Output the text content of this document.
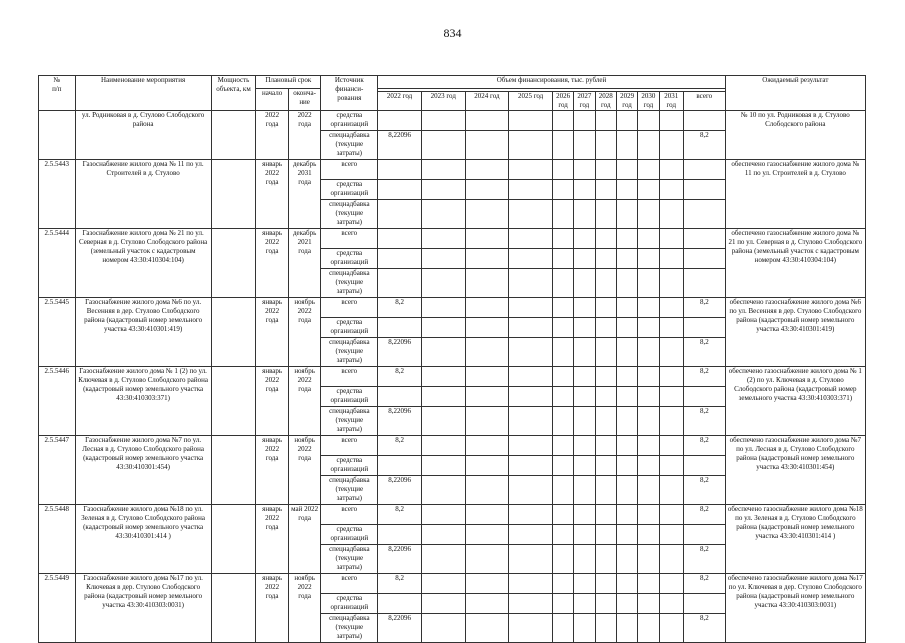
834
№
п/п	Наименование мероприятия	Мощность объекта, км	Плановый срок		Источник финанси-рования	Объем финансирования, тыс. рублей											Ожидаемый результат
			начало	оконча-ние													
						2022 год	2023 год	2024 год	2025 год	2026 год	2027 год	2028 год	2029 год	2030 год	2031 год	всего	
	ул. Родниковая в д. Стулово Слободского района		2022 года	2022 года	средства организаций												№ 10 по ул. Родниковая в д. Стулово Слободского района
					спецнадбавка (текущие затраты)	8,22096										8,2	
2.5.5443	Газоснабжение жилого дома № 11 по ул. Строителей в д. Стулово		январь 2022 года	декабрь 2031 года	всего												обеспечено газоснабжение жилого дома № 11 по ул. Строителей в д. Стулово
					средства организаций												
					спецнадбавка (текущие затраты)												
2.5.5444	Газоснабжение жилого дома № 21 по ул. Северная в д. Стулово Слободского района (земельный участок с кадастровым номером 43:30:410304:104)		январь 2022 года	декабрь 2021 года	всего												обеспечено газоснабжение жилого дома № 21 по ул. Северная в д. Стулово Слободского района (земельный участок с кадастровым номером 43:30:410304:104)
					средства организаций												
					спецнадбавка (текущие затраты)												
2.5.5445	Газоснабжение жилого дома №6 по ул. Весенняя в дер. Стулово Слободского района (кадастровый номер земельного участка 43:30:410301:419)		январь 2022 года	ноябрь 2022 года	всего	8,2										8,2	обеспечено газоснабжение жилого дома №6 по ул. Весенняя в дер. Стулово Слободского района (кадастровый номер земельного участка 43:30:410301:419)
					средства организаций												
					спецнадбавка (текущие затраты)	8,22096										8,2	
2.5.5446	Газоснабжение жилого дома № 1 (2) по ул. Ключевая в д. Стулово Слободского района (кадастровый номер земельного участка 43:30:410303:371)		январь 2022 года	ноябрь 2022 года	всего	8,2										8,2	обеспечено газоснабжение жилого дома № 1 (2) по ул. Ключевая в д. Стулово Слободского района (кадастровый номер земельного участка 43:30:410303:371)
					средства организаций												
					спецнадбавка (текущие затраты)	8,22096										8,2	
2.5.5447	Газоснабжение жилого дома №7 по ул. Лесная в д. Стулово Слободского района (кадастровый номер земельного участка 43:30:410301:454)		январь 2022 года	ноябрь 2022 года	всего	8,2										8,2	обеспечено газоснабжение жилого дома №7 по ул. Лесная в д. Стулово Слободского района (кадастровый номер земельного участка 43:30:410301:454)
					средства организаций												
					спецнадбавка (текущие затраты)	8,22096										8,2	
2.5.5448	Газоснабжение жилого дома №18 по ул. Зеленая в д. Стулово Слободского района (кадастровый номер земельного участка 43:30:410301:414 )		январь 2022 года	май 2022 года	всего	8,2										8,2	обеспечено газоснабжение жилого дома №18 по ул. Зеленая в д. Стулово Слободского района (кадастровый номер земельного участка 43:30:410301:414 )
					средства организаций												
					спецнадбавка (текущие затраты)	8,22096										8,2	
2.5.5449	Газоснабжение жилого дома №17 по ул. Ключевая в дер. Стулово Слободского района (кадастровый номер земельного участка 43:30:410303:0031)		январь 2022 года	ноябрь 2022 года	всего	8,2										8,2	обеспечено газоснабжение жилого дома №17 по ул. Ключевая в дер. Стулово Слободского района (кадастровый номер земельного участка 43:30:410303:0031)
					средства организаций												
					спецнадбавка (текущие затраты)	8,22096										8,2	
